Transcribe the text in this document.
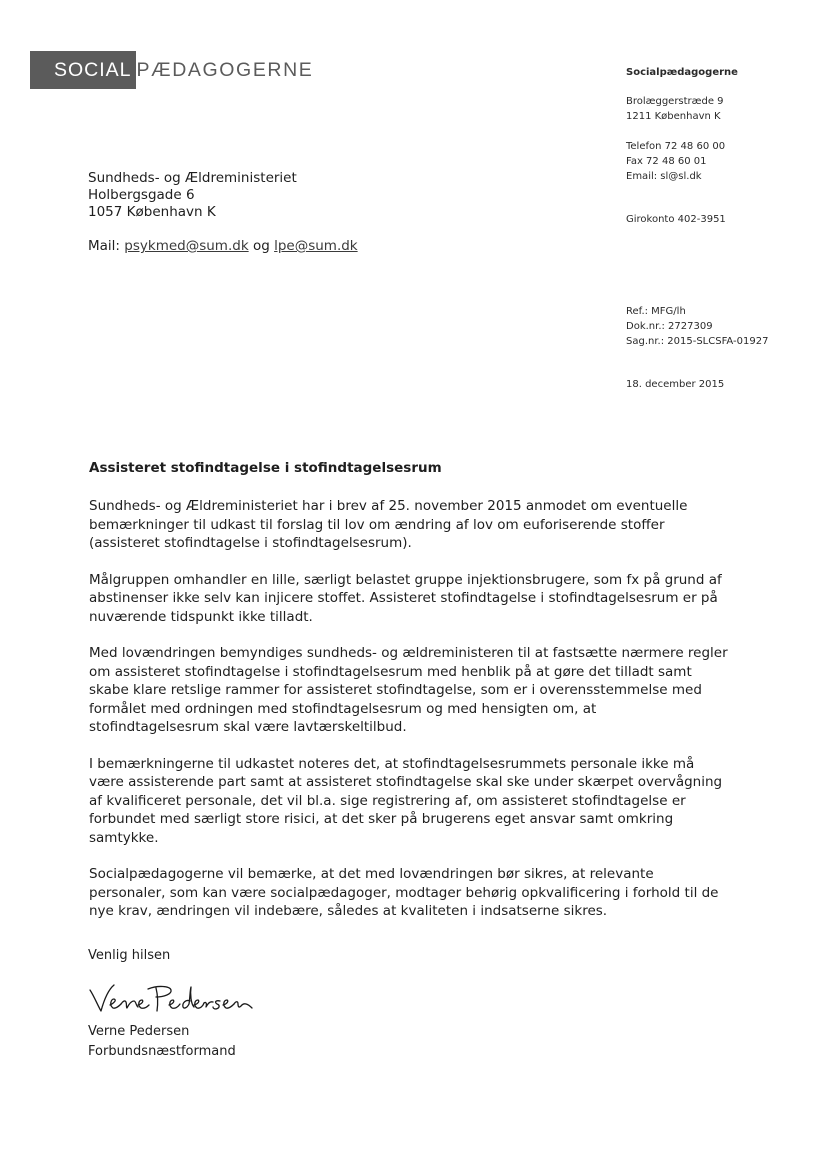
SOCIAL PÆDAGOGERNE	Socialpædagogerne
Brolæggerstræde 9
1211 København K
Telefon 72 48 60 00
Fax 72 48 60 01
Email: sl@sl.dk
Girokonto 402-3951
Ref.: MFG/lh
Dok.nr.: 2727309
Sag.nr.: 2015-SLCSFA-01927
18. december 2015
Sundheds- og Ældreministeriet
Holbergsgade 6
1057 København K
Mail: psykmed@sum.dk og lpe@sum.dk
Assisteret stofindtagelse i stofindtagelsesrum

Sundheds- og Ældreministeriet har i brev af 25. november 2015 anmodet om eventuelle bemærkninger til udkast til forslag til lov om ændring af lov om euforiserende stoffer (assisteret stofindtagelse i stofindtagelsesrum).

Målgruppen omhandler en lille, særligt belastet gruppe injektionsbrugere, som fx på grund af abstinenser ikke selv kan injicere stoffet. Assisteret stofindtagelse i stofindtagelsesrum er på nuværende tidspunkt ikke tilladt.

Med lovændringen bemyndiges sundheds- og ældreministeren til at fastsætte nærmere regler om assisteret stofindtagelse i stofindtagelsesrum med henblik på at gøre det tilladt samt skabe klare retslige rammer for assisteret stofindtagelse, som er i overensstemmelse med formålet med ordningen med stofindtagelsesrum og med hensigten om, at stofindtagelsesrum skal være lavtærskeltilbud.

I bemærkningerne til udkastet noteres det, at stofindtagelsesrummets personale ikke må være assisterende part samt at assisteret stofindtagelse skal ske under skærpet overvågning af kvalificeret personale, det vil bl.a. sige registrering af, om assisteret stofindtagelse er forbundet med særligt store risici, at det sker på brugerens eget ansvar samt omkring samtykke.

Socialpædagogerne vil bemærke, at det med lovændringen bør sikres, at relevante personaler, som kan være socialpædagoger, modtager behørig opkvalificering i forhold til de nye krav, ændringen vil indebære, således at kvaliteten i indsatserne sikres.

Venlig hilsen
Verne Pedersen
Forbundsnæstformand
